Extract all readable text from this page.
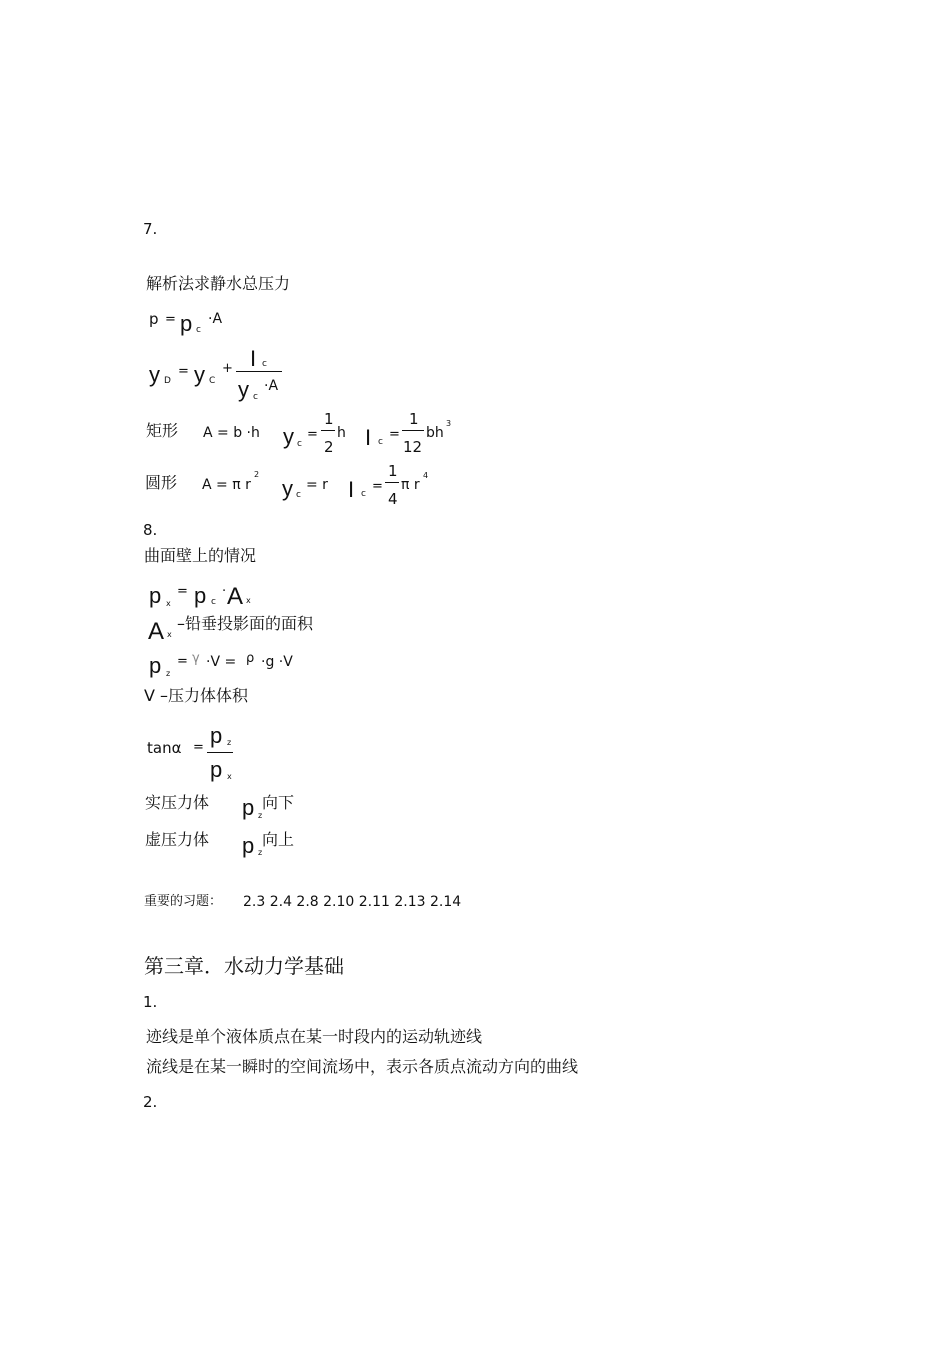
7.
解析法求静水总压力
p = p c
·A
y D
= y C
+ I c
y c
·A
矩形 A = b ·h y c
=
1
2
h I c =
1
12
bh
3
圆形 A = π r
2
y c
= r I c =
1
4
π r
4
8.
曲面壁上的情况
p x
= p c
· A x
A x
–铅垂投影面的面积
p z
= γ ·V = ρ ·g ·V
V –压力体体积
tanα = p z
p x
实压力体 p z
向下
虚压力体 p z
向上
重要的习题： 2.3 2.4 2.8 2.10 2.11 2.13 2.14
第三章．水动力学基础
1.
迹线是单个液体质点在某一时段内的运动轨迹线
流线是在某一瞬时的空间流场中，表示各质点流动方向的曲线
2.
